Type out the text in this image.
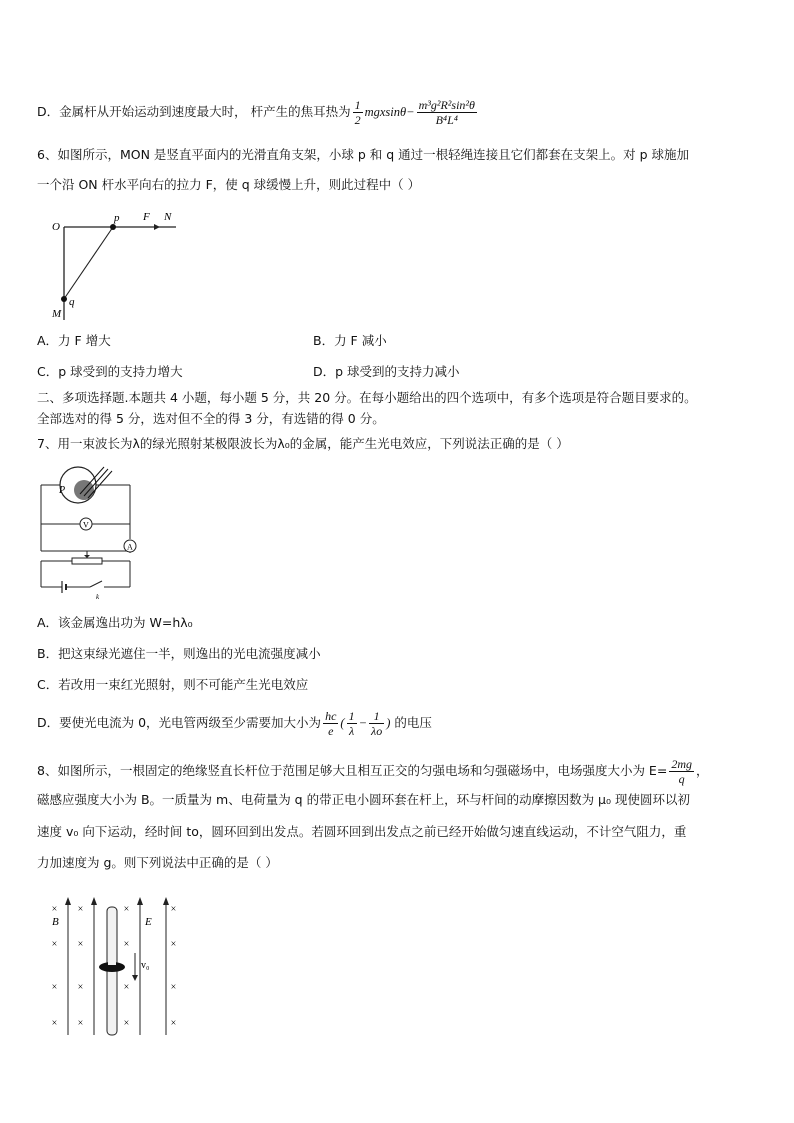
D．金属杆从开始运动到速度最大时， 杆产生的焦耳热为 $\frac{1}{2} mgxsin\theta- \frac{\text{m³g²R²sin²θ}}{\text{B⁴L⁴}}$
6、如图所示，MON 是竖直平面内的光滑直角支架，小球 p 和 q 通过一根轻绳连接且它们都套在支架上。对 p 球施加
一个沿 ON 杆水平向右的拉力 F，使 q 球缓慢上升，则此过程中（ ）
O
p F N
M
q
A．力 F 增大	B．力 F 减小
C．p 球受到的支持力增大	D．p 球受到的支持力减小
二、多项选择题.本题共 4 小题，每小题 5 分，共 20 分。在每小题给出的四个选项中，有多个选项是符合题目要求的。
全部选对的得 5 分，选对但不全的得 3 分，有选错的得 0 分。
7、用一束波长为λ的绿光照射某极限波长为λ₀的金属，能产生光电效应，下列说法正确的是（ ）
P
V
A
k
A．该金属逸出功为 W=hλ₀
B．把这束绿光遮住一半，则逸出的光电流强度减小
C．若改用一束红光照射，则不可能产生光电效应
D．要使光电流为 0，光电管两级至少需要加大小为 $\frac{hc}{e}$ ( $\frac{1}{\lambda} - \frac{1}{\lambda o}$ ) 的电压
8、如图所示，一根固定的绝缘竖直长杆位于范围足够大且相互正交的匀强电场和匀强磁场中，电场强度大小为 $E= \frac{2mg}{q}$ ，
磁感应强度大小为 B。一质量为 m、电荷量为 q 的带正电小圆环套在杆上，环与杆间的动摩擦因数为 μ₀ 现使圆环以初
速度 v₀ 向下运动，经时间 to，圆环回到出发点。若圆环回到出发点之前已经开始做匀速直线运动，不计空气阻力，重
力加速度为 g。则下列说法中正确的是（ ）
v₀
B	E
×
×
×
×
×
×
×
×
×
×
×
×
×
×
×
×
